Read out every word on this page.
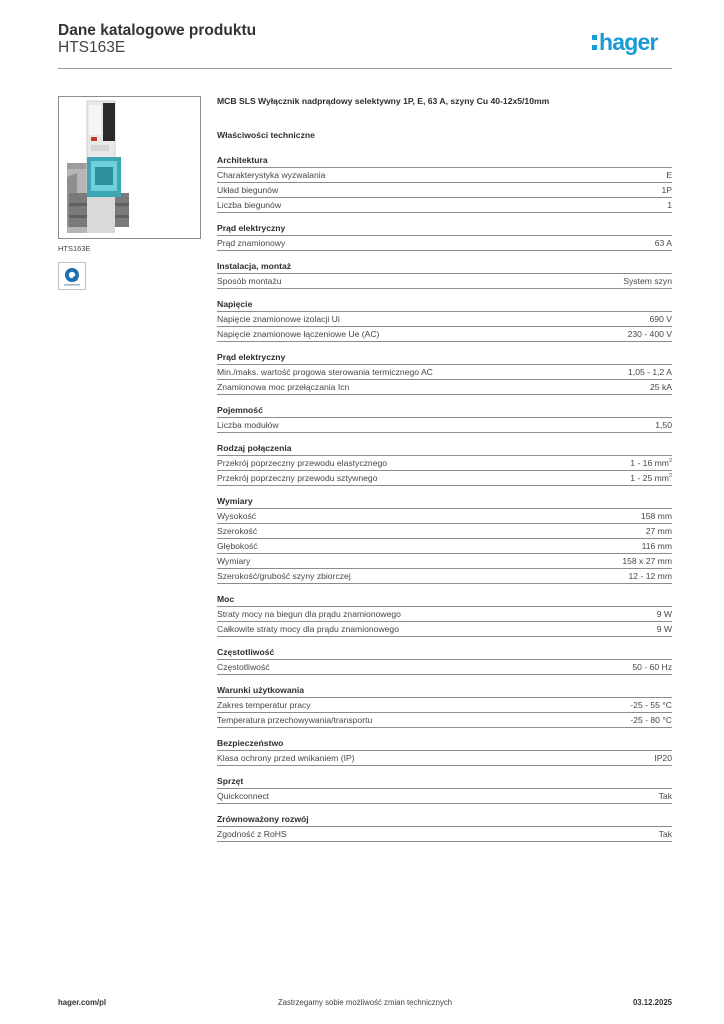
Dane katalogowe produktu
HTS163E	hager
HTS163E
MCB SLS Wyłącznik nadprądowy selektywny 1P, E, 63 A, szyny Cu 40-12x5/10mm
Właściwości techniczne
Architektura
Charakterystyka wyzwalania	E
Układ biegunów	1P
Liczba biegunów	1
Prąd elektryczny
Prąd znamionowy	63 A
Instalacja, montaż
Sposób montażu	System szyn
Napięcie
Napięcie znamionowe izolacji Ui	690 V
Napięcie znamionowe łączeniowe Ue (AC)	230 - 400 V
Prąd elektryczny
Min./maks. wartość progowa sterowania termicznego AC	1,05 - 1,2 A
Znamionowa moc przełączania Icn	25 kA
Pojemność
Liczba modułów	1,50
Rodzaj połączenia
Przekrój poprzeczny przewodu elastycznego	1 - 16 $mm^2$
Przekrój poprzeczny przewodu sztywnego	1 - 25 $mm^2$
Wymiary
Wysokość	158 mm
Szerokość	27 mm
Głębokość	116 mm
Wymiary	158 x 27 mm
Szerokość/grubość szyny zbiorczej	12 - 12 mm
Moc
Straty mocy na biegun dla prądu znamionowego	9 W
Całkowite straty mocy dla prądu znamionowego	9 W
Częstotliwość
Częstotliwość	50 - 60 Hz
Warunki użytkowania
Zakres temperatur pracy	-25 - 55 °C
Temperatura przechowywania/transportu	-25 - 80 °C
Bezpieczeństwo
Klasa ochrony przed wnikaniem (IP)	IP20
Sprzęt
Quickconnect	Tak
Zrównoważony rozwój
Zgodność z RoHS	Tak
Zastrzegamy sobie możliwość zmian technicznych
hager.com/pl	03.12.2025
